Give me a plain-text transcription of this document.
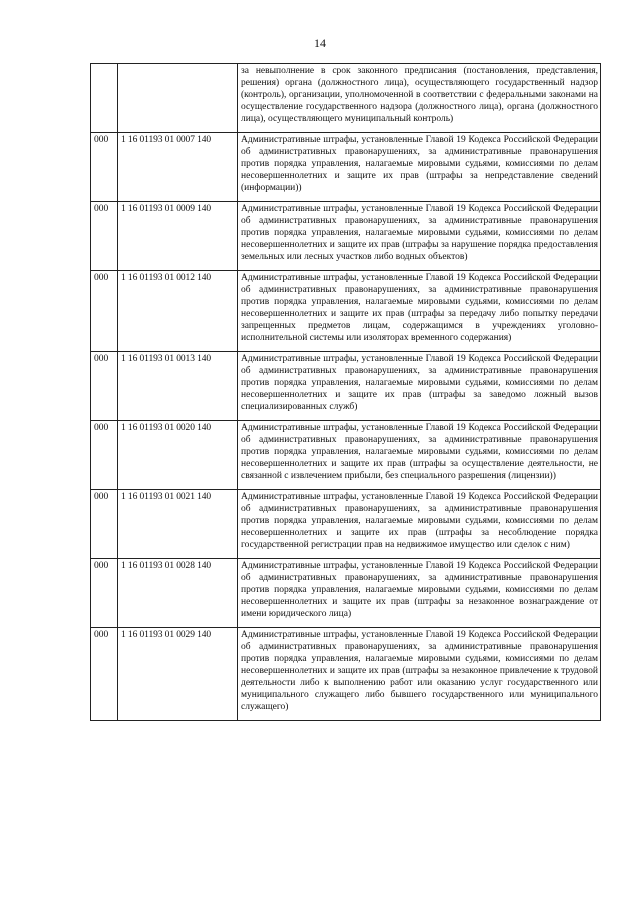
14

		за невыполнение в срок законного предписания (постановления, представления, решения) органа (должностного лица), осуществляющего государственный надзор (контроль), организации, уполномоченной в соответствии с федеральными законами на осуществление государственного надзора (должностного лица), органа (должностного лица), осуществляющего муниципальный контроль)

000	1 16 01193 01 0007 140	Административные штрафы, установленные Главой 19 Кодекса Российской Федерации об административных правонарушениях, за административные правонарушения против порядка управления, налагаемые мировыми судьями, комиссиями по делам несовершеннолетних и защите их прав (штрафы за непредставление сведений (информации))

000	1 16 01193 01 0009 140	Административные штрафы, установленные Главой 19 Кодекса Российской Федерации об административных правонарушениях, за административные правонарушения против порядка управления, налагаемые мировыми судьями, комиссиями по делам несовершеннолетних и защите их прав (штрафы за нарушение порядка предоставления земельных или лесных участков либо водных объектов)

000	1 16 01193 01 0012 140	Административные штрафы, установленные Главой 19 Кодекса Российской Федерации об административных правонарушениях, за административные правонарушения против порядка управления, налагаемые мировыми судьями, комиссиями по делам несовершеннолетних и защите их прав (штрафы за передачу либо попытку передачи запрещенных предметов лицам, содержащимся в учреждениях уголовно-исполнительной системы или изоляторах временного содержания)

000	1 16 01193 01 0013 140	Административные штрафы, установленные Главой 19 Кодекса Российской Федерации об административных правонарушениях, за административные правонарушения против порядка управления, налагаемые мировыми судьями, комиссиями по делам несовершеннолетних и защите их прав (штрафы за заведомо ложный вызов специализированных служб)

000	1 16 01193 01 0020 140	Административные штрафы, установленные Главой 19 Кодекса Российской Федерации об административных правонарушениях, за административные правонарушения против порядка управления, налагаемые мировыми судьями, комиссиями по делам несовершеннолетних и защите их прав (штрафы за осуществление деятельности, не связанной с извлечением прибыли, без специального разрешения (лицензии))

000	1 16 01193 01 0021 140	Административные штрафы, установленные Главой 19 Кодекса Российской Федерации об административных правонарушениях, за административные правонарушения против порядка управления, налагаемые мировыми судьями, комиссиями по делам несовершеннолетних и защите их прав (штрафы за несоблюдение порядка государственной регистрации прав на недвижимое имущество или сделок с ним)

000	1 16 01193 01 0028 140	Административные штрафы, установленные Главой 19 Кодекса Российской Федерации об административных правонарушениях, за административные правонарушения против порядка управления, налагаемые мировыми судьями, комиссиями по делам несовершеннолетних и защите их прав (штрафы за незаконное вознаграждение от имени юридического лица)

000	1 16 01193 01 0029 140	Административные штрафы, установленные Главой 19 Кодекса Российской Федерации об административных правонарушениях, за административные правонарушения против порядка управления, налагаемые мировыми судьями, комиссиями по делам несовершеннолетних и защите их прав (штрафы за незаконное привлечение к трудовой деятельности либо к выполнению работ или оказанию услуг государственного или муниципального служащего либо бывшего государственного или муниципального служащего)
